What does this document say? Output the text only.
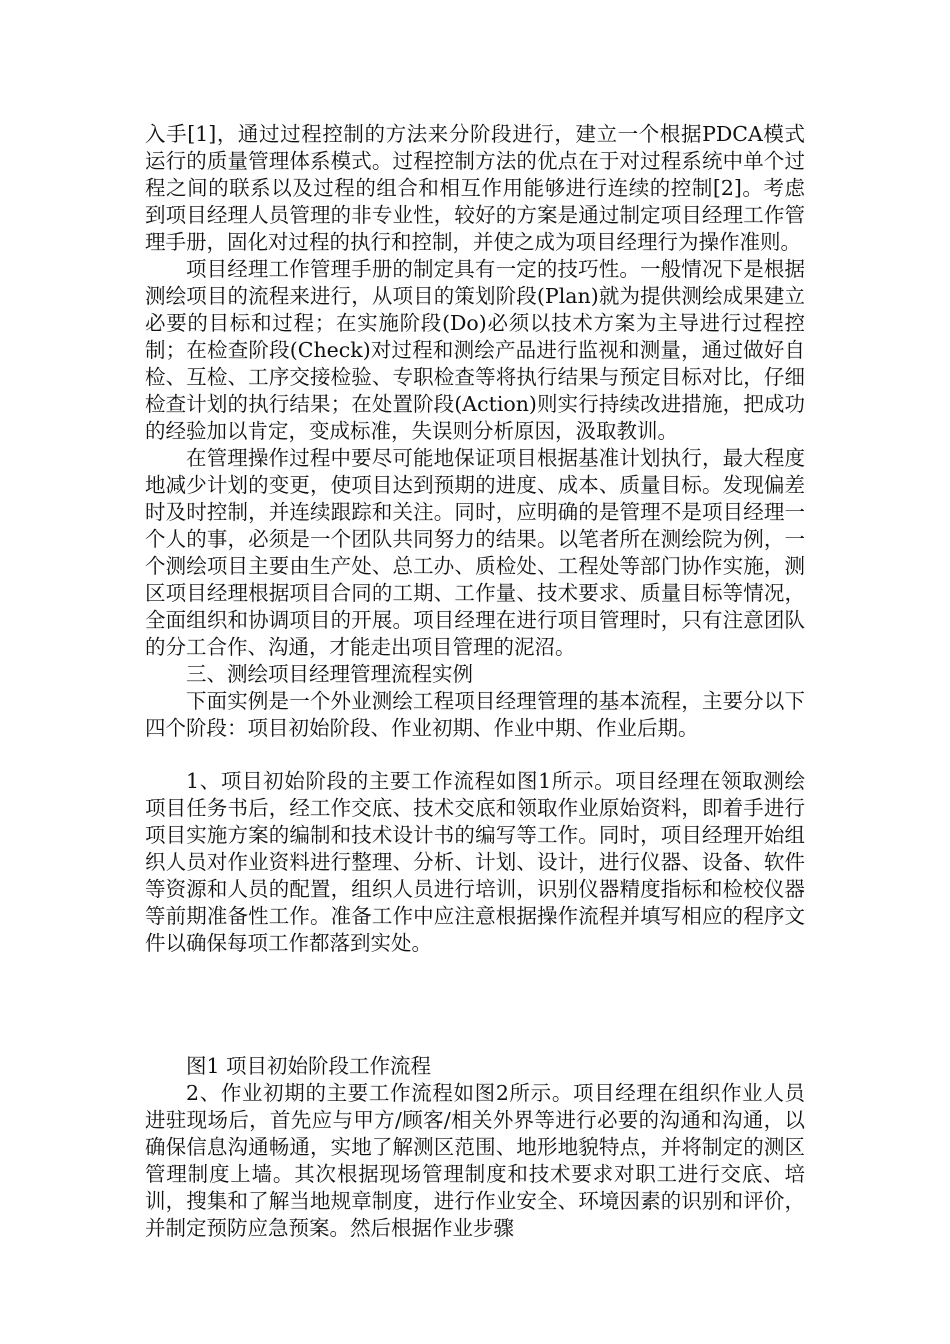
入手[1]，通过过程控制的方法来分阶段进行，建立一个根据PDCA模式运行的质量管理体系模式。过程控制方法的优点在于对过程系统中单个过程之间的联系以及过程的组合和相互作用能够进行连续的控制[2]。考虑到项目经理人员管理的非专业性，较好的方案是通过制定项目经理工作管理手册，固化对过程的执行和控制，并使之成为项目经理行为操作准则。

项目经理工作管理手册的制定具有一定的技巧性。一般情况下是根据测绘项目的流程来进行，从项目的策划阶段(Plan)就为提供测绘成果建立必要的目标和过程；在实施阶段(Do)必须以技术方案为主导进行过程控制；在检查阶段(Check)对过程和测绘产品进行监视和测量，通过做好自检、互检、工序交接检验、专职检查等将执行结果与预定目标对比，仔细检查计划的执行结果；在处置阶段(Action)则实行持续改进措施，把成功的经验加以肯定，变成标准，失误则分析原因，汲取教训。

在管理操作过程中要尽可能地保证项目根据基准计划执行，最大程度地减少计划的变更，使项目达到预期的进度、成本、质量目标。发现偏差时及时控制，并连续跟踪和关注。同时，应明确的是管理不是项目经理一个人的事，必须是一个团队共同努力的结果。以笔者所在测绘院为例，一个测绘项目主要由生产处、总工办、质检处、工程处等部门协作实施，测区项目经理根据项目合同的工期、工作量、技术要求、质量目标等情况，全面组织和协调项目的开展。项目经理在进行项目管理时，只有注意团队的分工合作、沟通，才能走出项目管理的泥沼。

三、测绘项目经理管理流程实例

下面实例是一个外业测绘工程项目经理管理的基本流程，主要分以下四个阶段：项目初始阶段、作业初期、作业中期、作业后期。

1、项目初始阶段的主要工作流程如图1所示。项目经理在领取测绘项目任务书后，经工作交底、技术交底和领取作业原始资料，即着手进行项目实施方案的编制和技术设计书的编写等工作。同时，项目经理开始组织人员对作业资料进行整理、分析、计划、设计，进行仪器、设备、软件等资源和人员的配置，组织人员进行培训，识别仪器精度指标和检校仪器等前期准备性工作。准备工作中应注意根据操作流程并填写相应的程序文件以确保每项工作都落到实处。

图1 项目初始阶段工作流程

2、作业初期的主要工作流程如图2所示。项目经理在组织作业人员进驻现场后，首先应与甲方/顾客/相关外界等进行必要的沟通和沟通，以确保信息沟通畅通，实地了解测区范围、地形地貌特点，并将制定的测区管理制度上墙。其次根据现场管理制度和技术要求对职工进行交底、培训，搜集和了解当地规章制度，进行作业安全、环境因素的识别和评价，并制定预防应急预案。然后根据作业步骤
